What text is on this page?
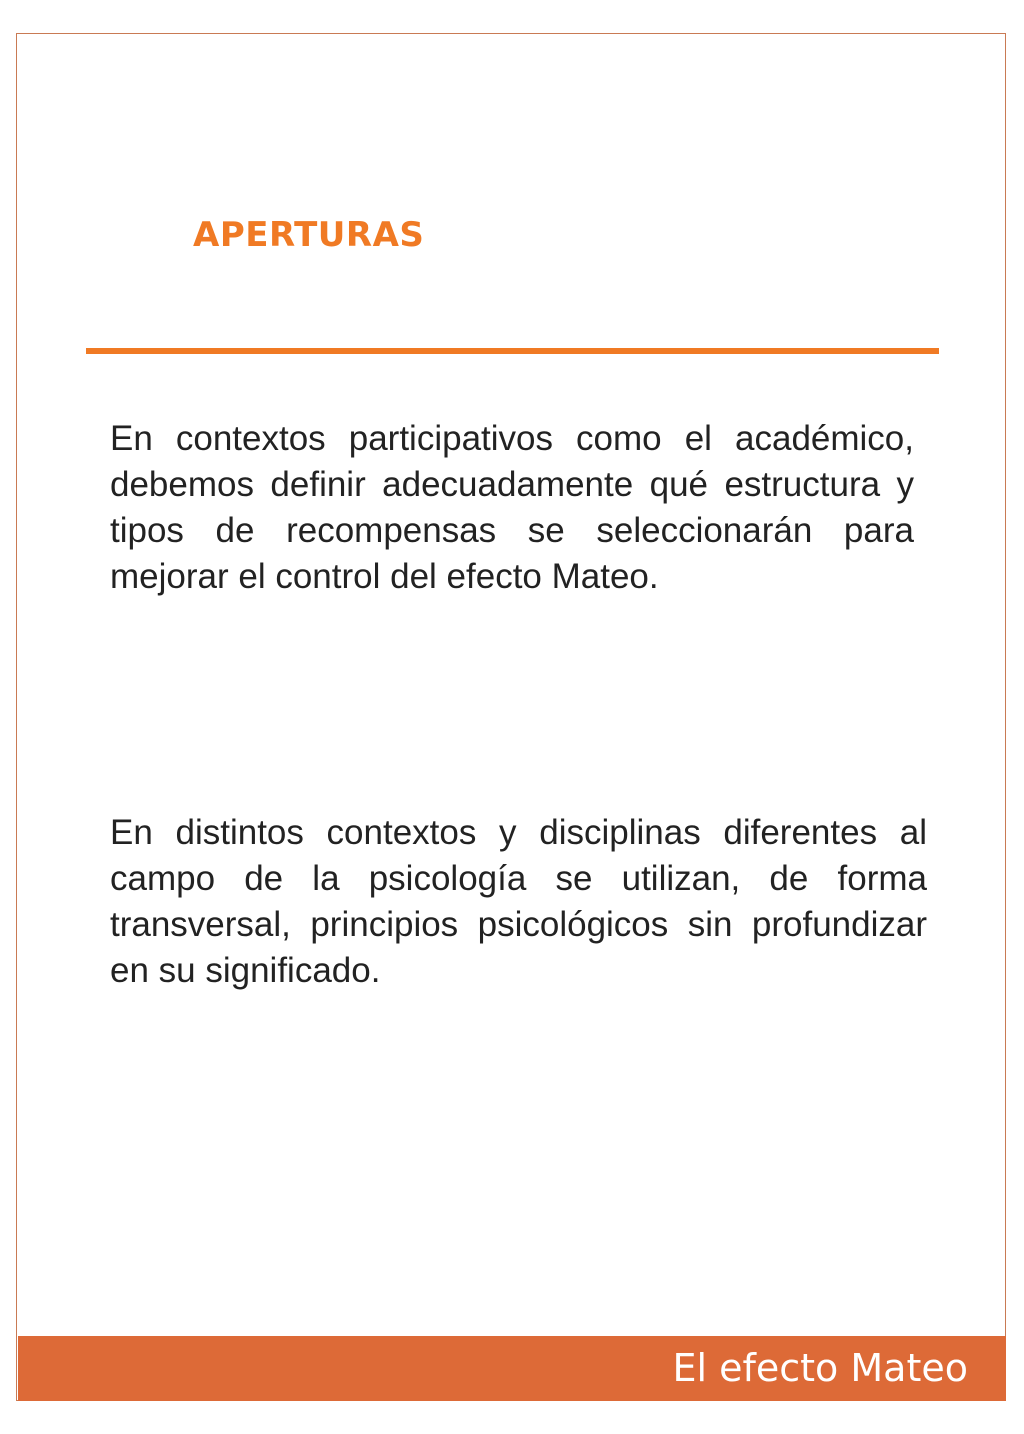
APERTURAS

En contextos participativos como el académico, debemos definir adecuadamente qué estructura y tipos de recompensas se seleccionarán para mejorar el control del efecto Mateo.

En distintos contextos y disciplinas diferentes al campo de la psicología se utilizan, de forma transversal, principios psicológicos sin profundizar en su significado.

El efecto Mateo
